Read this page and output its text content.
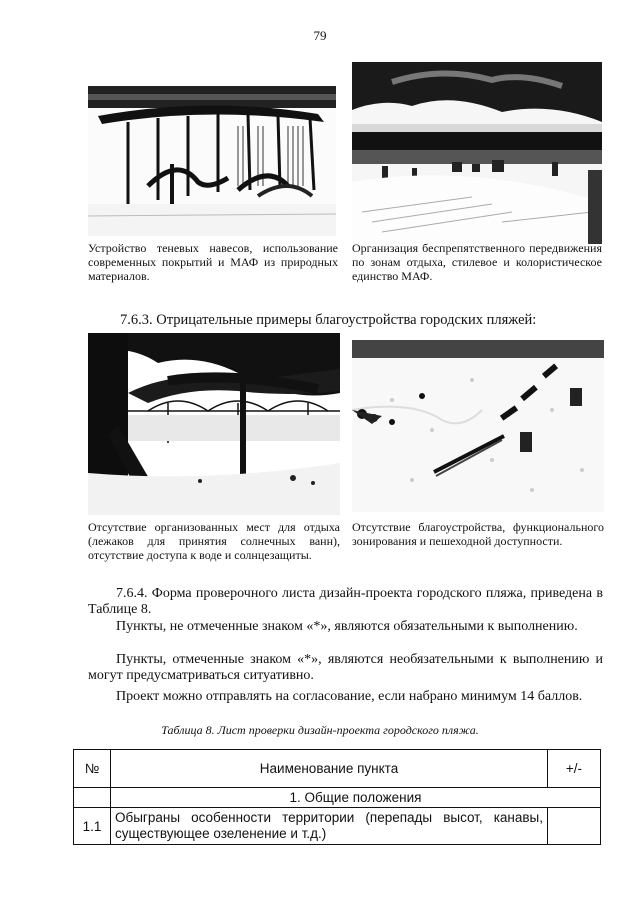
79
Устройство теневых навесов, использование современных покрытий и МАФ из природных материалов.
Организация беспрепятственного передвижения по зонам отдыха, стилевое и колористическое единство МАФ.
7.6.3. Отрицательные примеры благоустройства городских пляжей:
Отсутствие организованных мест для отдыха (лежаков для принятия солнечных ванн), отсутствие доступа к воде и солнцезащиты.
Отсутствие благоустройства, функционального зонирования и пешеходной доступности.
7.6.4. Форма проверочного листа дизайн-проекта городского пляжа, приведена в Таблице 8.
Пункты, не отмеченные знаком «*», являются обязательными к выполнению.
Пункты, отмеченные знаком «*», являются необязательными к выполнению и могут предусматриваться ситуативно.
Проект можно отправлять на согласование, если набрано минимум 14 баллов.
Таблица 8. Лист проверки дизайн-проекта городского пляжа.
№	Наименование пункта	+/-
	1. Общие положения	
1.1	Обыграны особенности территории (перепады высот, канавы, существующее озеленение и т.д.)	
